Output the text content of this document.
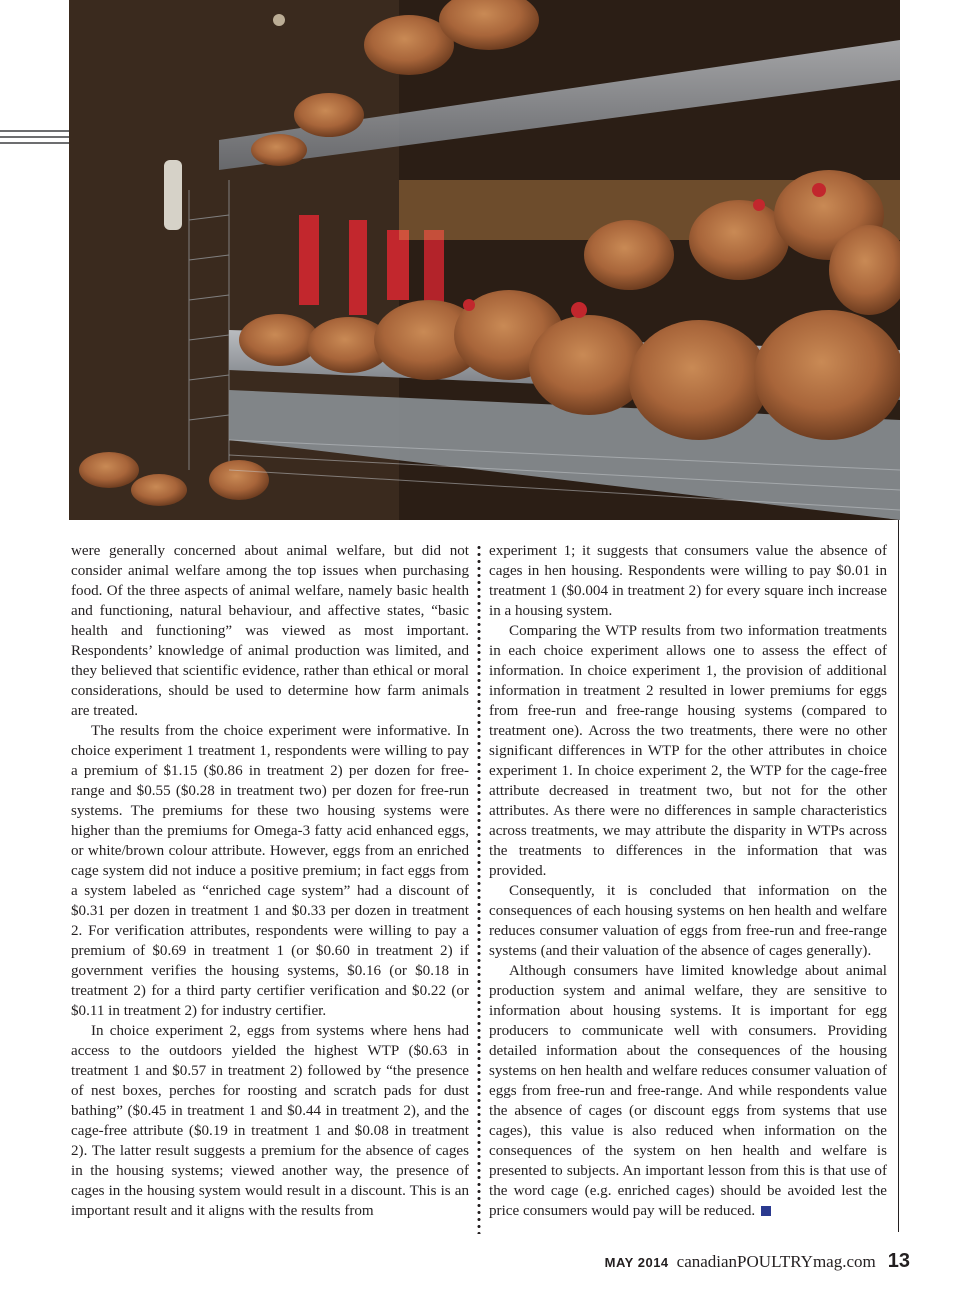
were generally concerned about animal welfare, but did not consider animal welfare among the top issues when purchasing food. Of the three aspects of animal welfare, namely basic health and functioning, natural behaviour, and affective states, “basic health and functioning” was viewed as most important. Respondents’ knowledge of animal production was limited, and they believed that scientific evidence, rather than ethical or moral considerations, should be used to determine how farm animals are treated.

The results from the choice experiment were informative. In choice experiment 1 treatment 1, respondents were willing to pay a premium of $1.15 ($0.86 in treatment 2) per dozen for free-range and $0.55 ($0.28 in treatment two) per dozen for free-run systems. The premiums for these two housing systems were higher than the premiums for Omega-3 fatty acid enhanced eggs, or white/brown colour attribute. However, eggs from an enriched cage system did not induce a positive premium; in fact eggs from a system labeled as “enriched cage system” had a discount of $0.31 per dozen in treatment 1 and $0.33 per dozen in treatment 2. For verification attributes, respondents were willing to pay a premium of $0.69 in treatment 1 (or $0.60 in treatment 2) if government verifies the housing systems, $0.16 (or $0.18 in treatment 2) for a third party certifier verification and $0.22 (or $0.11 in treatment 2) for industry certifier.

In choice experiment 2, eggs from systems where hens had access to the outdoors yielded the highest WTP ($0.63 in treatment 1 and $0.57 in treatment 2) followed by “the presence of nest boxes, perches for roosting and scratch pads for dust bathing” ($0.45 in treatment 1 and $0.44 in treatment 2), and the cage-free attribute ($0.19 in treatment 1 and $0.08 in treatment 2). The latter result suggests a premium for the absence of cages in the housing systems; viewed another way, the presence of cages in the housing system would result in a discount. This is an important result and it aligns with the results from

experiment 1; it suggests that consumers value the absence of cages in hen housing. Respondents were willing to pay $0.01 in treatment 1 ($0.004 in treatment 2) for every square inch increase in a housing system.

Comparing the WTP results from two information treatments in each choice experiment allows one to assess the effect of information. In choice experiment 1, the provision of additional information in treatment 2 resulted in lower premiums for eggs from free-run and free-range housing systems (compared to treatment one). Across the two treatments, there were no other significant differences in WTP for the other attributes in choice experiment 1. In choice experiment 2, the WTP for the cage-free attribute decreased in treatment two, but not for the other attributes. As there were no differences in sample characteristics across treatments, we may attribute the disparity in WTPs across the treatments to differences in the information that was provided.

Consequently, it is concluded that information on the consequences of each housing systems on hen health and welfare reduces consumer valuation of eggs from free-run and free-range systems (and their valuation of the absence of cages generally).

Although consumers have limited knowledge about animal production system and animal welfare, they are sensitive to information about housing systems. It is important for egg producers to communicate well with consumers. Providing detailed information about the consequences of the housing systems on hen health and welfare reduces consumer valuation of eggs from free-run and free-range. And while respondents value the absence of cages (or discount eggs from systems that use cages), this value is also reduced when information on the consequences of the system on hen health and welfare is presented to subjects. An important lesson from this is that use of the word cage (e.g. enriched cages) should be avoided lest the price consumers would pay will be reduced.

MAY 2014 canadianPOULTRYmag.com 13
